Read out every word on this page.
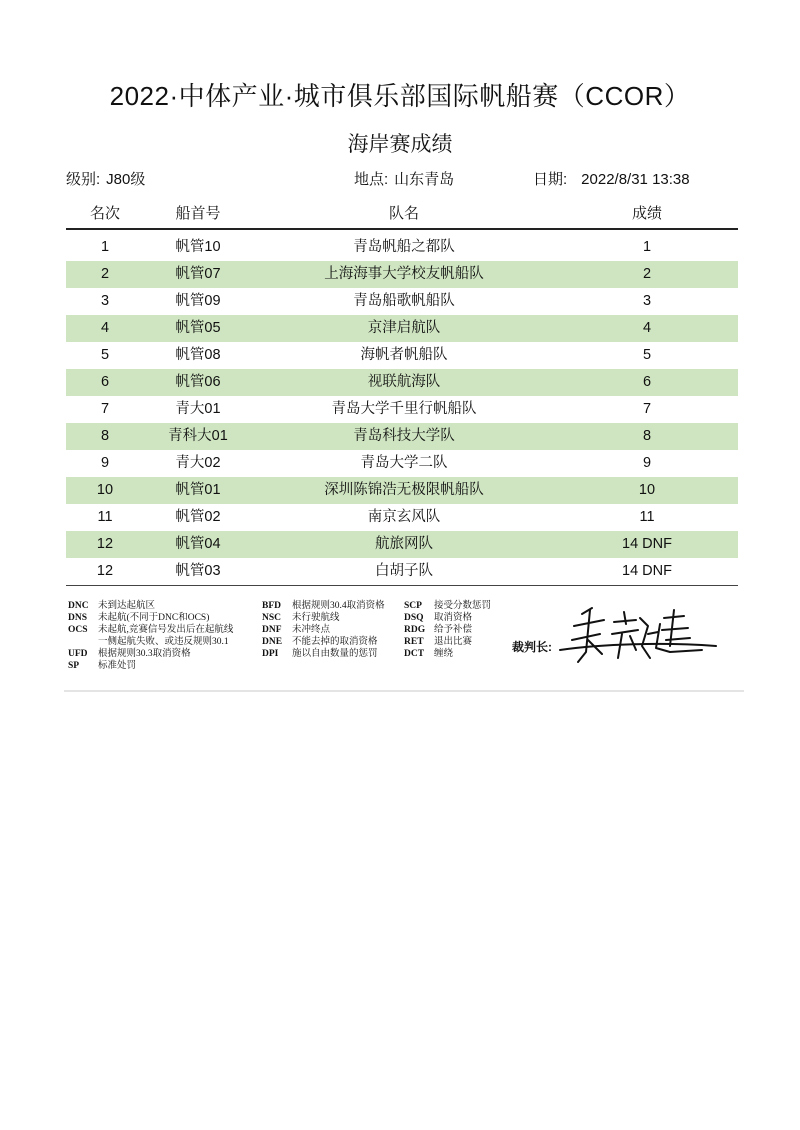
2022·中体产业·城市俱乐部国际帆船赛（CCOR）
海岸赛成绩
级别: J80级	地点: 山东青岛	日期: 2022/8/31 13:38
名次	船首号	队名	成绩
1	帆管10	青岛帆船之都队	1
2	帆管07	上海海事大学校友帆船队	2
3	帆管09	青岛船歌帆船队	3
4	帆管05	京津启航队	4
5	帆管08	海帆者帆船队	5
6	帆管06	视联航海队	6
7	青大01	青岛大学千里行帆船队	7
8	青科大01	青岛科技大学队	8
9	青大02	青岛大学二队	9
10	帆管01	深圳陈锦浩无极限帆船队	10
11	帆管02	南京玄风队	11
12	帆管04	航旅网队	14 DNF
12	帆管03	白胡子队	14 DNF
DNC 未到达起航区
DNS	未起航(不同于DNC和OCS)
OCS	未起航,竞赛信号发出后在起航线
一侧起航失败、或违反规则30.1
UFD	根据规则30.3取消资格
SP	标准处罚
BFD	根据规则30.4取消资格
NSC	未行驶航线
DNF	未冲终点
DNE	不能去掉的取消资格
DPI	施以自由数量的惩罚
SCP	接受分数惩罚
DSQ	取消资格
RDG 给予补偿
RET	退出比赛
DCT	缠绕	裁判长:
